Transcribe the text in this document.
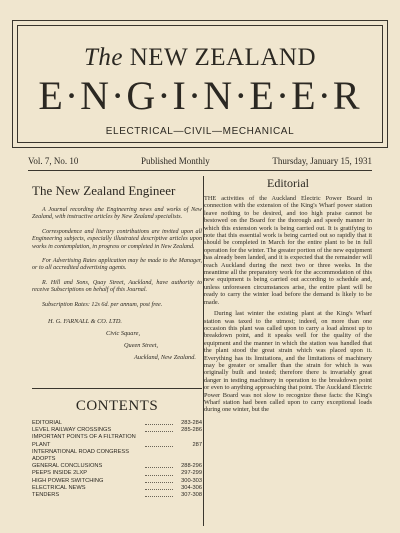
The NEW ZEALAND
E·N·G·I·N·E·E·R
ELECTRICAL—CIVIL—MECHANICAL
Vol. 7, No. 10	Published Monthly	Thursday, January 15, 1931
The New Zealand Engineer

A Journal recording the Engineering news and works of New Zealand, with instructive articles by New Zealand specialists.

Correspondence and literary contributions are invited upon all Engineering subjects, especially illustrated descriptive articles upon works in contemplation, in progress or completed in New Zealand.

For Advertising Rates application may be made to the Manager, or to all accredited advertising agents.

R. Hill and Sons, Quay Street, Auckland, have authority to receive Subscriptions on behalf of this Journal.

Subscription Rates: 12s 6d. per annum, post free.

H. G. FARNALL & CO. LTD.
Civic Square,
Queen Street,
Auckland, New Zealand.
CONTENTS
EDITORIAL	283-284
LEVEL RAILWAY CROSSINGS	285-286
IMPORTANT POINTS OF A FILTRATION
PLANT	287
INTERNATIONAL ROAD CONGRESS ADOPTS
GENERAL CONCLUSIONS	288-296
PEEPS INSIDE 2LXP	297-299
HIGH POWER SWITCHING	300-303
ELECTRICAL NEWS	304-306
TENDERS	307-308
Editorial

THE activities of the Auckland Electric Power Board in connection with the extension of the King's Wharf power station leave nothing to be desired, and too high praise cannot be bestowed on the Board for the thorough and speedy manner in which this extension work is being carried out. It is gratifying to note that this essential work is being carried out so rapidly that it should be completed in March for the entire plant to be in full operation for the winter. The greater portion of the new equipment has already been landed, and it is expected that the remainder will reach Auckland during the next two or three weeks. In the meantime all the preparatory work for the accommodation of this new equipment is being carried out according to schedule and, unless unforeseen circumstances arise, the entire plant will be ready to carry the winter load before the demand is likely to be made.

During last winter the existing plant at the King's Wharf station was taxed to the utmost; indeed, on more than one occasion this plant was called upon to carry a load almost up to breakdown point, and it speaks well for the quality of the equipment and the manner in which the station was handled that the plant stood the great strain which was placed upon it. Everything has its limitations, and the limitations of machinery may be greater or smaller than the strain for which is was originally built and tested; therefore there is invariably great danger in testing machinery in operation to the breakdown point or even to anything approaching that point. The Auckland Electric Power Board was not slow to recognize these facts: the King's Wharf station had been called upon to carry exceptional loads during one winter, but the
